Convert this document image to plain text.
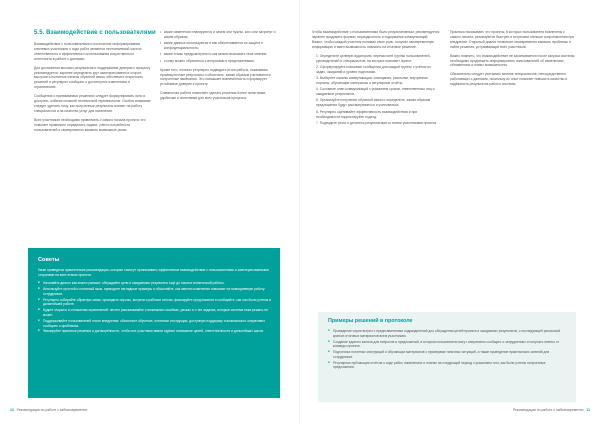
5.5. Взаимодействие с пользователями

Взаимодействие с пользователями и постоянное информирование ключевых участников о ходе работ являются неотъемлемой частью ответственного и эффективного использования искусственного интеллекта в работе с данными.

Для достижения высоких результатов и поддержания доверия к процессу рекомендуется: заранее определить круг заинтересованных сторон, выстроить понятные каналы обратной связи, обеспечить открытость решений и регулярно сообщать о достигнутых изменениях и ограничениях.

Сообщения о принимаемых решениях следует формулировать ясно и доступно, избегая сложной технической терминологии. Особое внимание следует уделять тому, как полученные результаты влияют на работу специалистов и на качество услуг для населения.

Всех участников необходимо привлекать с самого начала проекта: это помогает правильно определить задачи, учесть потребности пользователей и своевременно выявить возможные риски.

• какие изменения планируются и зачем они нужны, кого они затронут и каким образом;
• какие данные используются и как обеспечивается их защита и конфиденциальность;
• какие этапы предусмотрены и как можно высказать своё мнение;
• к кому можно обратиться с вопросами и предложениями.

Кроме того, полезно регулярно подводить итоги работы, показывать промежуточные результаты и объяснять, каким образом учитываются полученные замечания. Это повышает вовлечённость и формирует устойчивое доверие к проекту.

Совместная работа позволяет сделать решения более понятными, удобными и полезными для всех участников процесса.

Советы
Ниже приведены практические рекомендации, которые помогут организовать эффективное взаимодействие с пользователями и заинтересованными сторонами на всех этапах проекта.
■ Начинайте диалог как можно раньше: обсуждайте цели и ожидаемые результаты ещё до начала технической работы.
■ Используйте простой и понятный язык, приводите наглядные примеры и объясняйте, как именно изменения повлияют на повседневную работу сотрудников.
■ Регулярно собирайте обратную связь: проводите опросы, встречи и рабочие сессии, фиксируйте предложения и сообщайте, как они были учтены в дальнейшей работе.
■ Будьте открыты в отношении ограничений: честно рассказывайте о возможных ошибках, рисках и о тех задачах, которые система пока решить не может.
■ Поддерживайте пользователей после внедрения: обеспечьте обучение, понятные инструкции, доступную поддержку и возможность оперативно сообщать о проблемах.
■ Фиксируйте принятые решения и договорённости, чтобы все участники имели единое понимание целей, ответственности и дальнейших шагов.
10 Рекомендации по работе с заблаговременно

Чтобы взаимодействие с пользователями было результативным, рекомендуется заранее продумать формат, периодичность и содержание коммуникаций. Важно, чтобы каждый участник понимал свою роль, получал своевременную информацию и имел возможность повлиять на итоговое решение.

1. Определите целевую аудиторию: перечислите группы пользователей, руководителей и специалистов, на которых повлияет проект.
2. Сформулируйте ключевые сообщения для каждой группы с учётом их задач, ожиданий и уровня подготовки.
3. Выберите каналы коммуникации: совещания, рассылки, внутренние порталы, обучающие материалы и регулярные отчёты.
4. Составьте план коммуникаций с указанием сроков, ответственных лиц и ожидаемых результатов.
5. Организуйте получение обратной связи и определите, каким образом предложения будут рассматриваться и учитываться.
6. Регулярно оценивайте эффективность взаимодействия и при необходимости корректируйте подход.
7. Подводите итоги и делитесь результатами со всеми участниками проекта.

Практика показывает, что проекты, в которых пользователи вовлечены с самого начала, реализуются быстрее и встречают меньше сопротивления при внедрении. Открытый диалог позволяет своевременно выявить проблемы и найти решения, устраивающие всех участников.

Важно помнить, что взаимодействие не заканчивается после запуска системы: необходимо продолжать информировать пользователей об изменениях, обновлениях и новых возможностях.

Обязательно следует учитывать мнение специалистов, непосредственно работающих с данными, поскольку их опыт помогает повысить качество и надёжность результатов работы системы.

Примеры решений в протоколе
■ Проведение серии встреч с представителями подразделений для обсуждения целей проекта и ожидаемых результатов, с последующей рассылкой кратких итоговых материалов всем участникам.
■ Создание единого канала для вопросов и предложений, в котором пользователи могут оперативно сообщать о затруднениях и получать ответы от команды проекта.
■ Подготовка понятных инструкций и обучающих материалов с примерами типичных ситуаций, а также проведение практических занятий для сотрудников.
■ Регулярная публикация отчётов о ходе работ, изменениях и планах на следующий период с указанием того, как были учтены полученные предложения.
Рекомендации по работе с заблаговременно 11
